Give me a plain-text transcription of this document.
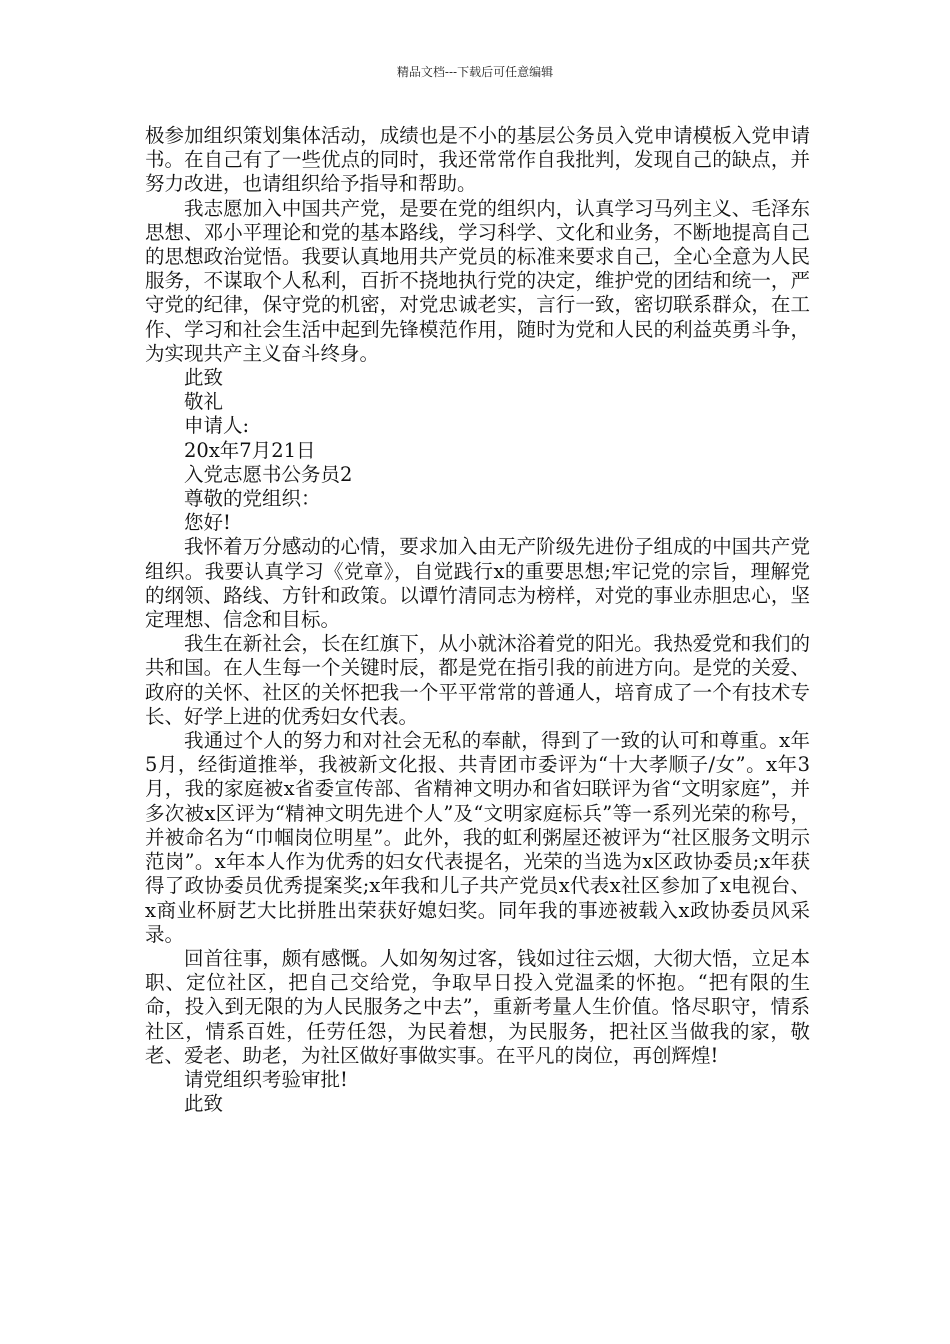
精品文档---下载后可任意编辑

极参加组织策划集体活动，成绩也是不小的基层公务员入党申请模板入党申请书。在自己有了一些优点的同时，我还常常作自我批判，发现自己的缺点，并努力改进，也请组织给予指导和帮助。

我志愿加入中国共产党，是要在党的组织内，认真学习马列主义、毛泽东思想、邓小平理论和党的基本路线，学习科学、文化和业务，不断地提高自己的思想政治觉悟。我要认真地用共产党员的标准来要求自己，全心全意为人民服务，不谋取个人私利，百折不挠地执行党的决定，维护党的团结和统一，严守党的纪律，保守党的机密，对党忠诚老实，言行一致，密切联系群众，在工作、学习和社会生活中起到先锋模范作用，随时为党和人民的利益英勇斗争，为实现共产主义奋斗终身。

此致

敬礼

申请人:

20x年7月21日

入党志愿书公务员2

尊敬的党组织：

您好!

我怀着万分感动的心情，要求加入由无产阶级先进份子组成的中国共产党组织。我要认真学习《党章》，自觉践行x的重要思想;牢记党的宗旨，理解党的纲领、路线、方针和政策。以谭竹清同志为榜样，对党的事业赤胆忠心，坚定理想、信念和目标。

我生在新社会，长在红旗下，从小就沐浴着党的阳光。我热爱党和我们的共和国。在人生每一个关键时辰，都是党在指引我的前进方向。是党的关爱、政府的关怀、社区的关怀把我一个平平常常的普通人，培育成了一个有技术专长、好学上进的优秀妇女代表。

我通过个人的努力和对社会无私的奉献，得到了一致的认可和尊重。x年5月，经街道推举，我被新文化报、共青团市委评为“十大孝顺子/女”。x年3月，我的家庭被x省委宣传部、省精神文明办和省妇联评为省“文明家庭”，并多次被x区评为“精神文明先进个人”及“文明家庭标兵”等一系列光荣的称号，并被命名为“巾帼岗位明星”。此外，我的虹利粥屋还被评为“社区服务文明示范岗”。x年本人作为优秀的妇女代表提名，光荣的当选为x区政协委员;x年获得了政协委员优秀提案奖;x年我和儿子共产党员x代表x社区参加了x电视台、x商业杯厨艺大比拼胜出荣获好媳妇奖。同年我的事迹被载入x政协委员风采录。

回首往事，颇有感慨。人如匆匆过客，钱如过往云烟，大彻大悟，立足本职、定位社区，把自己交给党，争取早日投入党温柔的怀抱。“把有限的生命，投入到无限的为人民服务之中去”，重新考量人生价值。恪尽职守，情系社区，情系百姓，任劳任怨，为民着想，为民服务，把社区当做我的家，敬老、爱老、助老，为社区做好事做实事。在平凡的岗位，再创辉煌!

请党组织考验审批!

此致
